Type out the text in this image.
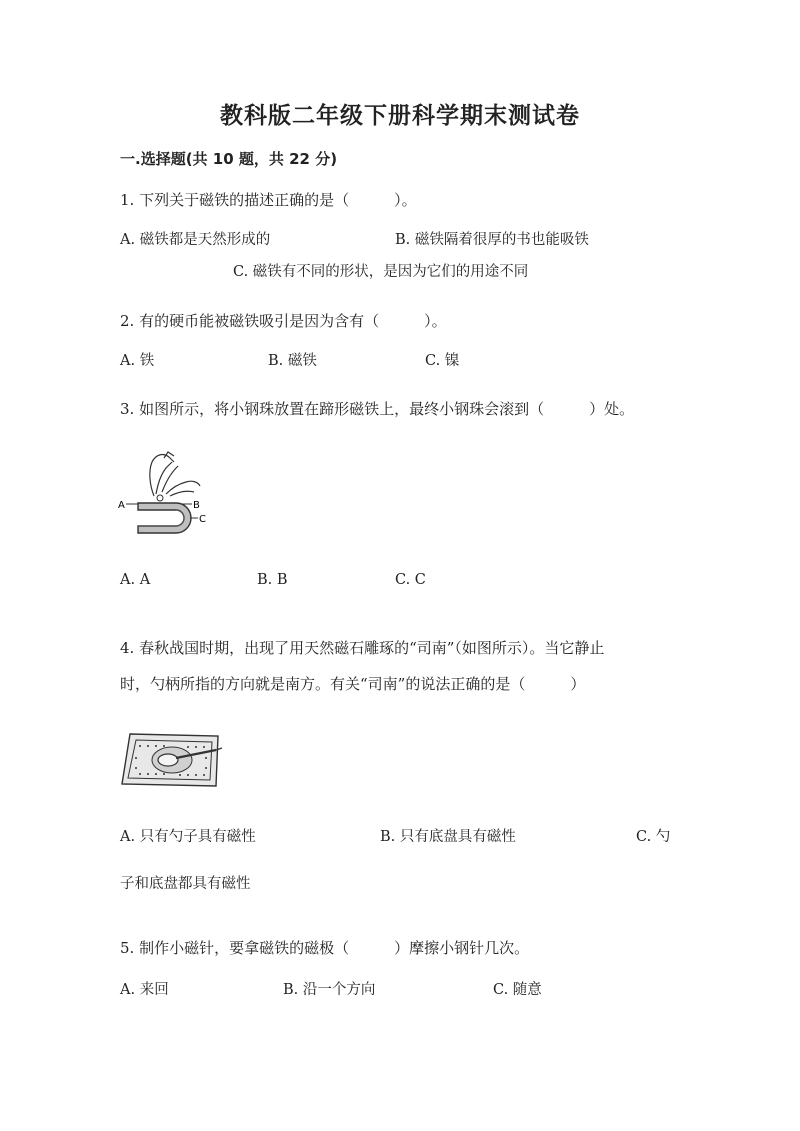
教科版二年级下册科学期末测试卷
一.选择题(共 10 题，共 22 分)
1. 下列关于磁铁的描述正确的是（　　　）。
A. 磁铁都是天然形成的	B. 磁铁隔着很厚的书也能吸铁
C. 磁铁有不同的形状，是因为它们的用途不同
2. 有的硬币能被磁铁吸引是因为含有（　　　）。
A. 铁	B. 磁铁	C. 镍
3. 如图所示，将小钢珠放置在蹄形磁铁上，最终小钢珠会滚到（　　　）处。
A	B
C
A. A	B. B	C. C
4. 春秋战国时期，出现了用天然磁石雕琢的“司南”（如图所示）。当它静止
时，勺柄所指的方向就是南方。有关“司南”的说法正确的是（　　　）
A. 只有勺子具有磁性	B. 只有底盘具有磁性	C. 勺
子和底盘都具有磁性
5. 制作小磁针，要拿磁铁的磁极（　　　）摩擦小钢针几次。
A. 来回	B. 沿一个方向	C. 随意
